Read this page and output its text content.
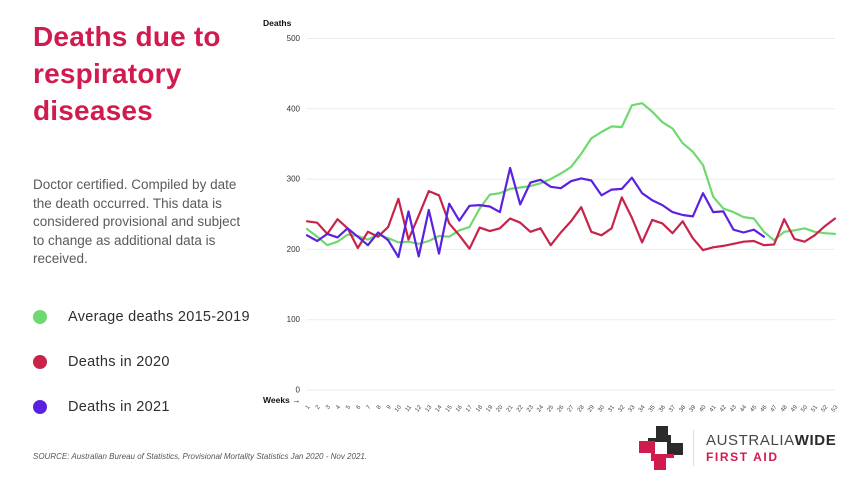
Deaths due to
respiratory
diseases
Doctor certified. Compiled by date the death occurred. This data is considered provisional and subject to change as additional data is received.
Average deaths 2015-2019
Deaths in 2020
Deaths in 2021
SOURCE: Australian Bureau of Statistics, Provisional Mortality Statistics Jan 2020 - Nov 2021.
0
100
200
300
400
500
1 2 3 4 5 6 7 8 9 10 11 12 13 14 15 16 17 18 19 20 21 22 23 24 25 26 27 28 29 30 31 32 33 34 35 36 37 38 39 40 41 42 43 44 45 46 47 48 49 50 51 52 53
Deaths
Weeks →
AUSTRALIAWIDE
FIRST AID
